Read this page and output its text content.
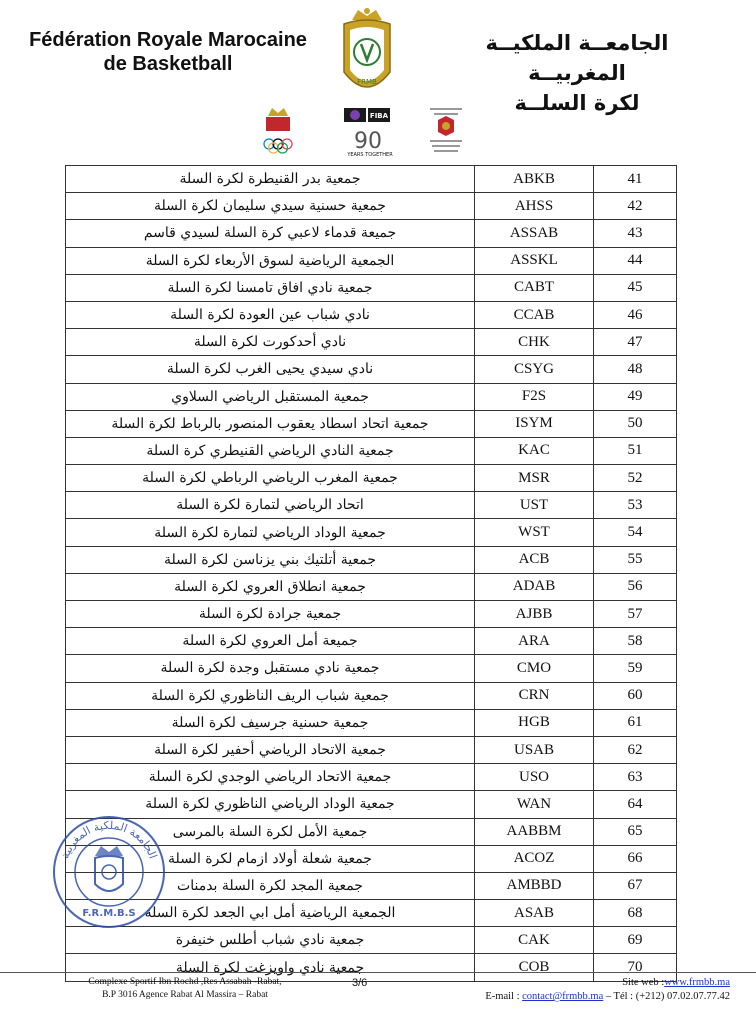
Fédération Royale Marocaine
de Basketball
الجامعــة الملكيــة المغربيــة
لكرة السلــة
FRMB
FIBA
90
YEARS TOGETHER
جمعية بدر القنيطرة لكرة السلة	ABKB	41
جمعية حسنية سيدي سليمان لكرة السلة	AHSS	42
جميعة قدماء لاعبي كرة السلة لسيدي قاسم	ASSAB	43
الجمعية الرياضية لسوق الأربعاء لكرة السلة	ASSKL	44
جمعية نادي افاق تامسنا لكرة السلة	CABT	45
نادي شباب عين العودة لكرة السلة	CCAB	46
نادي أحدكورت لكرة السلة	CHK	47
نادي سيدي يحيى الغرب لكرة السلة	CSYG	48
جمعية المستقبل الرياضي السلاوي	F2S	49
جمعية اتحاد اسطاد يعقوب المنصور بالرباط لكرة السلة	ISYM	50
جمعية النادي الرياضي القنيطري كرة السلة	KAC	51
جمعية المغرب الرياضي الرباطي لكرة السلة	MSR	52
اتحاد الرياضي لتمارة لكرة السلة	UST	53
جمعية الوداد الرياضي لتمارة لكرة السلة	WST	54
جمعية أتلتيك بني يزناسن لكرة السلة	ACB	55
جمعية انطلاق العروي لكرة السلة	ADAB	56
جمعية جرادة لكرة السلة	AJBB	57
جميعة أمل العروي لكرة السلة	ARA	58
جمعية نادي مستقبل وجدة لكرة السلة	CMO	59
جمعية شباب الريف الناظوري لكرة السلة	CRN	60
جمعية حسنية جرسيف لكرة السلة	HGB	61
جمعية الاتحاد الرياضي أحفير لكرة السلة	USAB	62
جمعية الاتحاد الرياضي الوجدي لكرة السلة	USO	63
جمعية الوداد الرياضي الناظوري لكرة السلة	WAN	64
جمعية الأمل لكرة السلة بالمرسى	AABBM	65
جمعية شعلة أولاد ازمام لكرة السلة	ACOZ	66
جمعية المجد لكرة السلة بدمنات	AMBBD	67
الجمعية الرياضية أمل ابي الجعد لكرة السلة	ASAB	68
جمعية نادي شباب أطلس خنيفرة	CAK	69
جمعية نادي واويزغت لكرة السلة	COB	70
الجامعة الملكية المغربية
F.R.M.B.S
Complexe Sportif Ibn Rochd ,Res Assabah -Rabat,
B.P 3016 Agence Rabat Al Massira – Rabat
3/6	Site web :www.frmbb.ma
E-mail : contact@frmbb.ma – Tél : (+212) 07.02.07.77.42
